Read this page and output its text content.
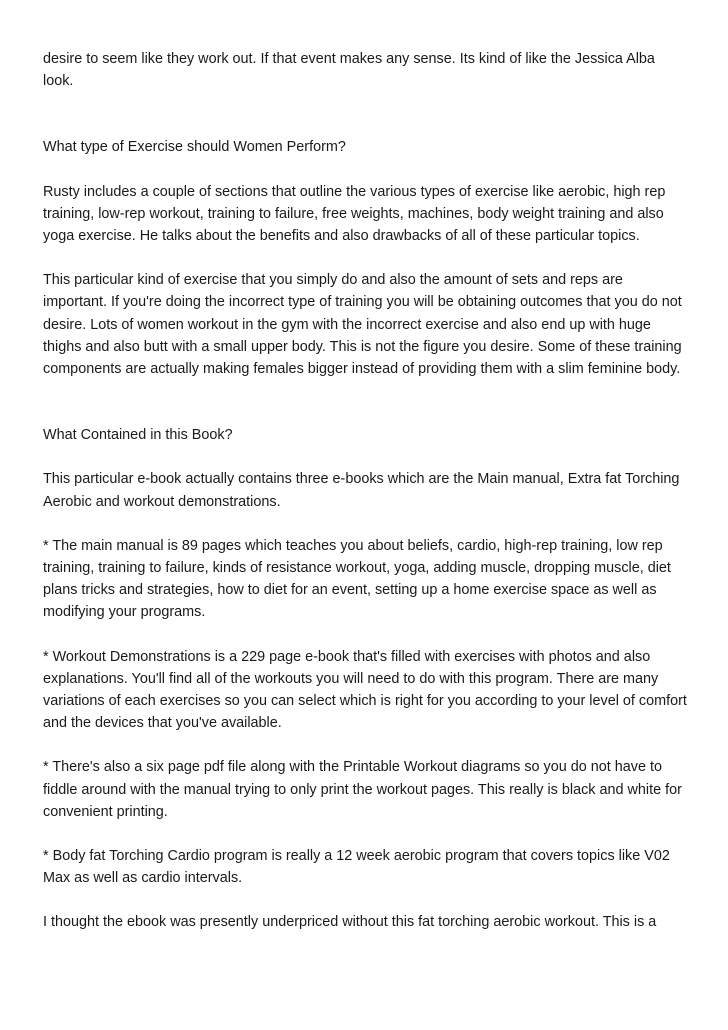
desire to seem like they work out. If that event makes any sense. Its kind of like the Jessica Alba look.

What type of Exercise should Women Perform?

Rusty includes a couple of sections that outline the various types of exercise like aerobic, high rep training, low-rep workout, training to failure, free weights, machines, body weight training and also yoga exercise. He talks about the benefits and also drawbacks of all of these particular topics.

This particular kind of exercise that you simply do and also the amount of sets and reps are important. If you're doing the incorrect type of training you will be obtaining outcomes that you do not desire. Lots of women workout in the gym with the incorrect exercise and also end up with huge thighs and also butt with a small upper body. This is not the figure you desire. Some of these training components are actually making females bigger instead of providing them with a slim feminine body.

What Contained in this Book?

This particular e-book actually contains three e-books which are the Main manual, Extra fat Torching Aerobic and workout demonstrations.

* The main manual is 89 pages which teaches you about beliefs, cardio, high-rep training, low rep training, training to failure, kinds of resistance workout, yoga, adding muscle, dropping muscle, diet plans tricks and strategies, how to diet for an event, setting up a home exercise space as well as modifying your programs.

* Workout Demonstrations is a 229 page e-book that's filled with exercises with photos and also explanations. You'll find all of the workouts you will need to do with this program. There are many variations of each exercises so you can select which is right for you according to your level of comfort and the devices that you've available.

* There's also a six page pdf file along with the Printable Workout diagrams so you do not have to fiddle around with the manual trying to only print the workout pages. This really is black and white for convenient printing.

* Body fat Torching Cardio program is really a 12 week aerobic program that covers topics like V02 Max as well as cardio intervals.

I thought the ebook was presently underpriced without this fat torching aerobic workout. This is a
